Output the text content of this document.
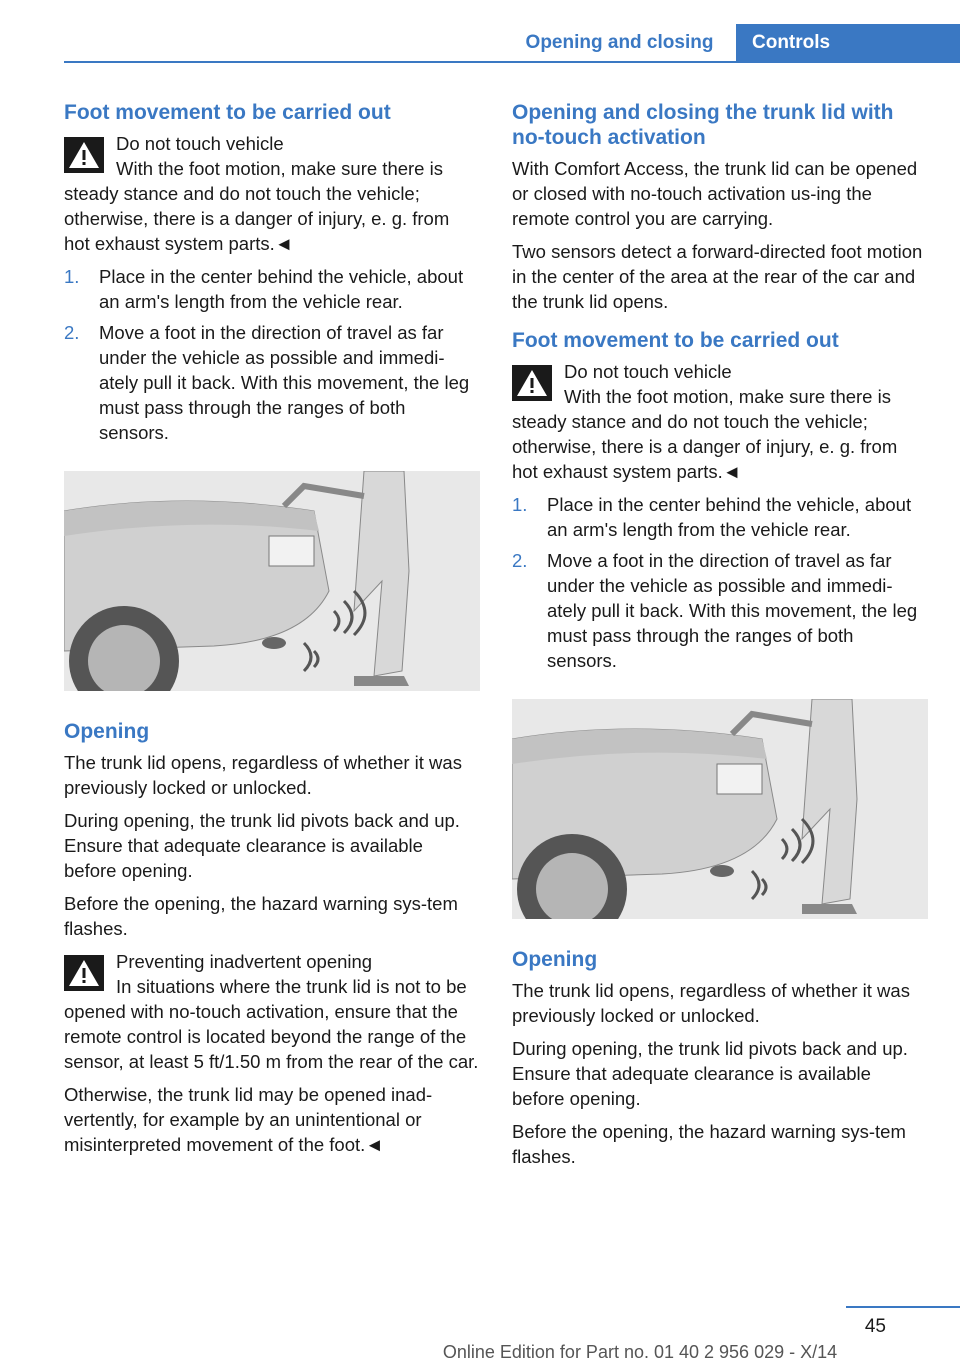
Opening and closing	Controls
Foot movement to be carried out
Do not touch vehicle
With the foot motion, make sure there is steady stance and do not touch the vehicle; otherwise, there is a danger of injury, e. g. from hot exhaust system parts.◄
1. Place in the center behind the vehicle, about an arm's length from the vehicle rear.
2. Move a foot in the direction of travel as far under the vehicle as possible and immedi‐ately pull it back. With this movement, the leg must pass through the ranges of both sensors.
Opening

The trunk lid opens, regardless of whether it was previously locked or unlocked.

During opening, the trunk lid pivots back and up. Ensure that adequate clearance is available before opening.

Before the opening, the hazard warning sys‐tem flashes.

Preventing inadvertent opening
In situations where the trunk lid is not to be opened with no-touch activation, ensure that the remote control is located beyond the range of the sensor, at least 5 ft/1.50 m from the rear of the car.

Otherwise, the trunk lid may be opened inad‐vertently, for example by an unintentional or misinterpreted movement of the foot.◄

Opening and closing the trunk lid with no-touch activation

With Comfort Access, the trunk lid can be opened or closed with no-touch activation us‐ing the remote control you are carrying.

Two sensors detect a forward-directed foot motion in the center of the area at the rear of the car and the trunk lid opens.

Foot movement to be carried out
Do not touch vehicle
With the foot motion, make sure there is steady stance and do not touch the vehicle; otherwise, there is a danger of injury, e. g. from hot exhaust system parts.◄
1. Place in the center behind the vehicle, about an arm's length from the vehicle rear.
2. Move a foot in the direction of travel as far under the vehicle as possible and immedi‐ately pull it back. With this movement, the leg must pass through the ranges of both sensors.
Opening

The trunk lid opens, regardless of whether it was previously locked or unlocked.

During opening, the trunk lid pivots back and up. Ensure that adequate clearance is available before opening.

Before the opening, the hazard warning sys‐tem flashes.

45
Online Edition for Part no. 01 40 2 956 029 - X/14
